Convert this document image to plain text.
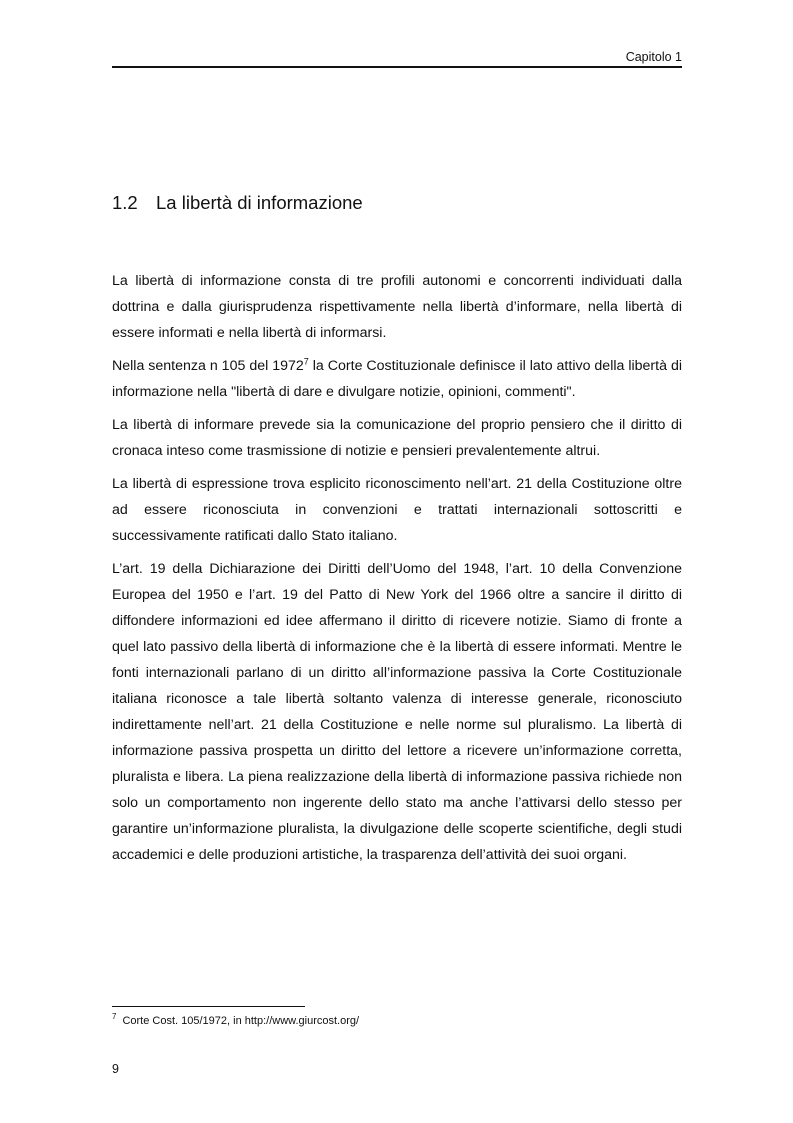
Capitolo 1
1.2 La libertà di informazione

La libertà di informazione consta di tre profili autonomi e concorrenti individuati dalla dottrina e dalla giurisprudenza rispettivamente nella libertà d’informare, nella libertà di essere informati e nella libertà di informarsi.

Nella sentenza n 105 del 1972$^7$ la Corte Costituzionale definisce il lato attivo della libertà di informazione nella "libertà di dare e divulgare notizie, opinioni, commenti".

La libertà di informare prevede sia la comunicazione del proprio pensiero che il diritto di cronaca inteso come trasmissione di notizie e pensieri prevalentemente altrui.

La libertà di espressione trova esplicito riconoscimento nell’art. 21 della Costituzione oltre ad essere riconosciuta in convenzioni e trattati internazionali sottoscritti e successivamente ratificati dallo Stato italiano.

L’art. 19 della Dichiarazione dei Diritti dell’Uomo del 1948, l’art. 10 della Convenzione Europea del 1950 e l’art. 19 del Patto di New York del 1966 oltre a sancire il diritto di diffondere informazioni ed idee affermano il diritto di ricevere notizie. Siamo di fronte a quel lato passivo della libertà di informazione che è la libertà di essere informati. Mentre le fonti internazionali parlano di un diritto all’informazione passiva la Corte Costituzionale italiana riconosce a tale libertà soltanto valenza di interesse generale, riconosciuto indirettamente nell’art. 21 della Costituzione e nelle norme sul pluralismo. La libertà di informazione passiva prospetta un diritto del lettore a ricevere un’informazione corretta, pluralista e libera. La piena realizzazione della libertà di informazione passiva richiede non solo un comportamento non ingerente dello stato ma anche l’attivarsi dello stesso per garantire un’informazione pluralista, la divulgazione delle scoperte scientifiche, degli studi accademici e delle produzioni artistiche, la trasparenza dell’attività dei suoi organi.

$^7$ Corte Cost. 105/1972, in http://www.giurcost.org/
9
